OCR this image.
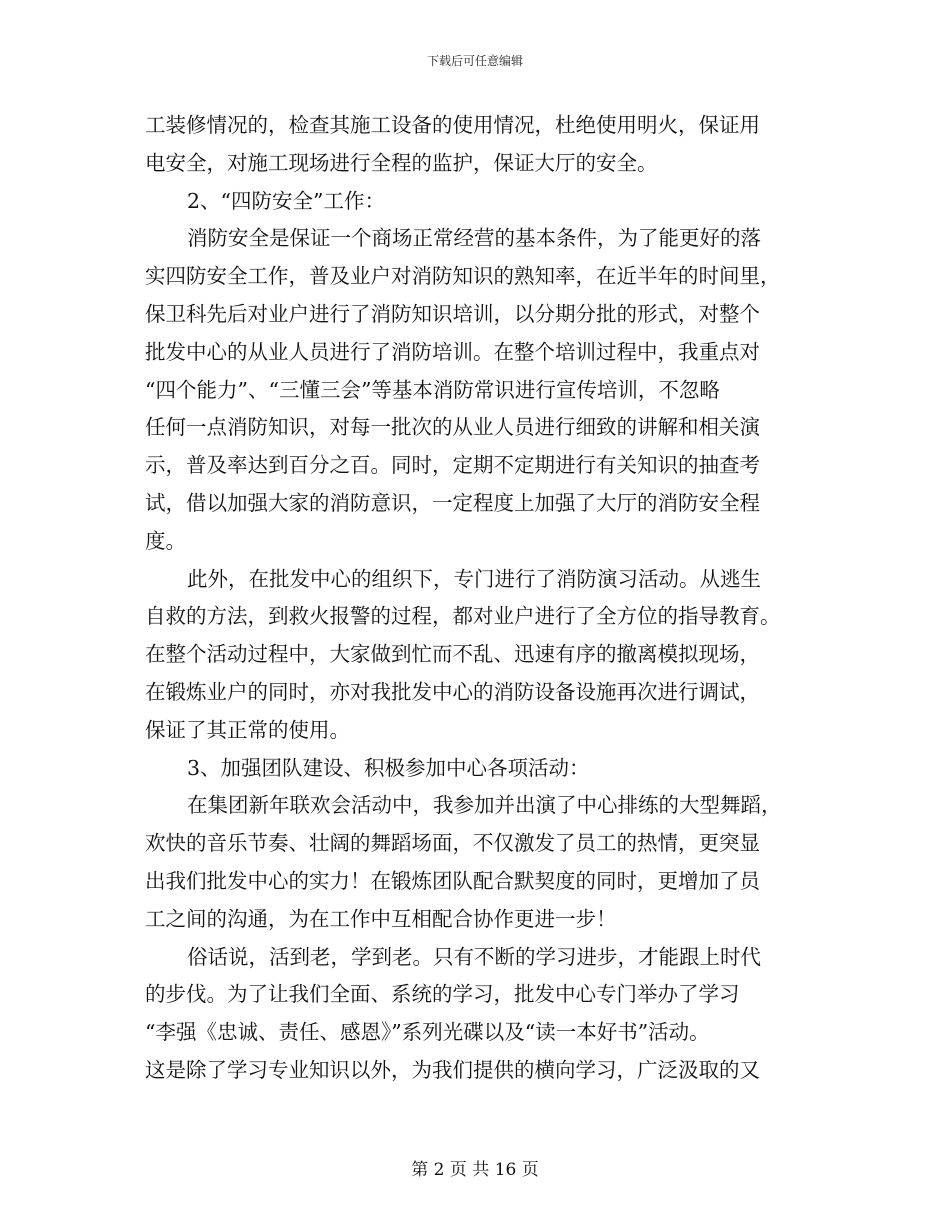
下载后可任意编辑
工装修情况的，检查其施工设备的使用情况，杜绝使用明火，保证用
电安全，对施工现场进行全程的监护，保证大厅的安全。
2、“四防安全”工作：
消防安全是保证一个商场正常经营的基本条件，为了能更好的落
实四防安全工作，普及业户对消防知识的熟知率，在近半年的时间里，
保卫科先后对业户进行了消防知识培训，以分期分批的形式，对整个
批发中心的从业人员进行了消防培训。在整个培训过程中，我重点对
“四个能力”、“三懂三会”等基本消防常识进行宣传培训，不忽略
任何一点消防知识，对每一批次的从业人员进行细致的讲解和相关演
示，普及率达到百分之百。同时，定期不定期进行有关知识的抽查考
试，借以加强大家的消防意识，一定程度上加强了大厅的消防安全程
度。
此外，在批发中心的组织下，专门进行了消防演习活动。从逃生
自救的方法，到救火报警的过程，都对业户进行了全方位的指导教育。
在整个活动过程中，大家做到忙而不乱、迅速有序的撤离模拟现场，
在锻炼业户的同时，亦对我批发中心的消防设备设施再次进行调试，
保证了其正常的使用。
3、加强团队建设、积极参加中心各项活动：
在集团新年联欢会活动中，我参加并出演了中心排练的大型舞蹈，
欢快的音乐节奏、壮阔的舞蹈场面，不仅激发了员工的热情，更突显
出我们批发中心的实力！在锻炼团队配合默契度的同时，更增加了员
工之间的沟通，为在工作中互相配合协作更进一步！
俗话说，活到老，学到老。只有不断的学习进步，才能跟上时代
的步伐。为了让我们全面、系统的学习，批发中心专门举办了学习
“李强《忠诚、责任、感恩》”系列光碟以及“读一本好书”活动。
这是除了学习专业知识以外，为我们提供的横向学习，广泛汲取的又
第 2 页 共 16 页
